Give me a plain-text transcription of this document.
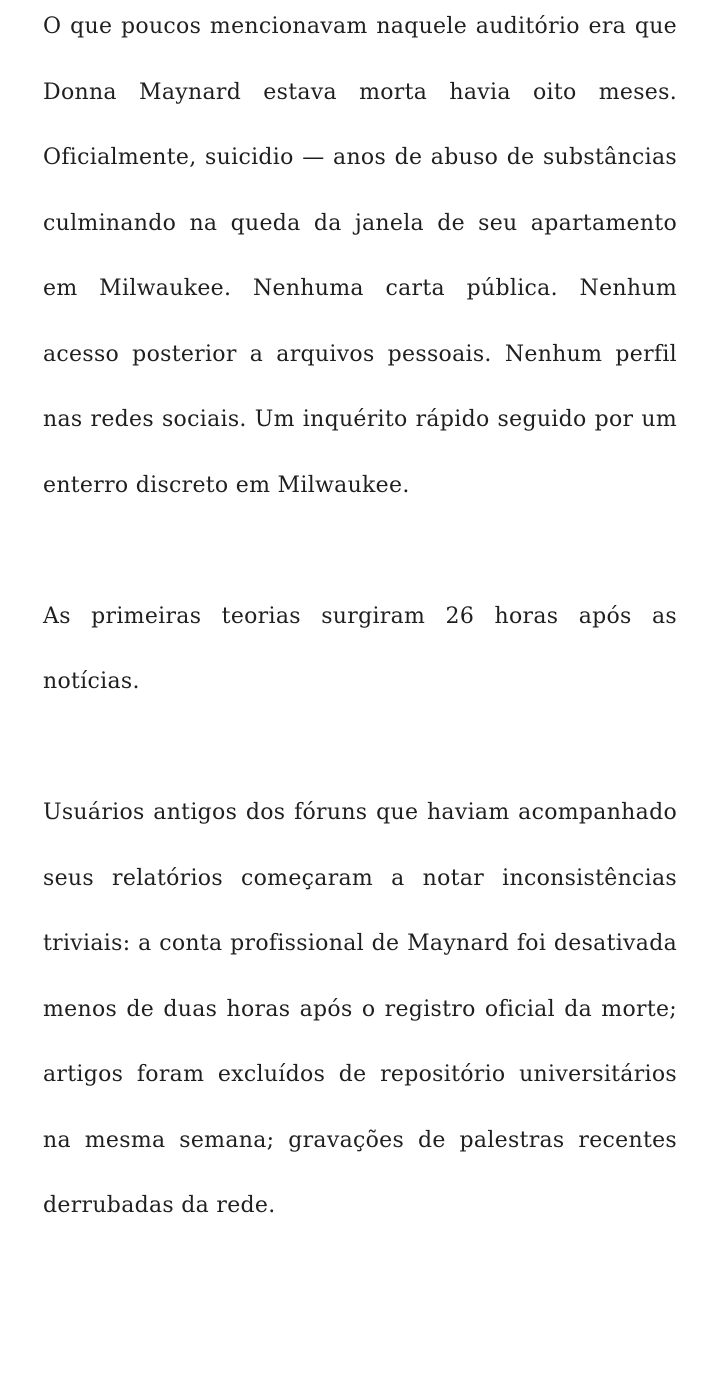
O que poucos mencionavam naquele auditório era que Donna Maynard estava morta havia oito meses. Oficialmente, suicidio — anos de abuso de substâncias culminando na queda da janela de seu apartamento em Milwaukee. Nenhuma carta pública. Nenhum acesso posterior a arquivos pessoais. Nenhum perfil nas redes sociais. Um inquérito rápido seguido por um enterro discreto em Milwaukee.

As primeiras teorias surgiram 26 horas após as notícias.

Usuários antigos dos fóruns que haviam acompanhado seus relatórios começaram a notar inconsistências triviais: a conta profissional de Maynard foi desativada menos de duas horas após o registro oficial da morte; artigos foram excluídos de repositório universitários na mesma semana; gravações de palestras recentes derrubadas da rede.
